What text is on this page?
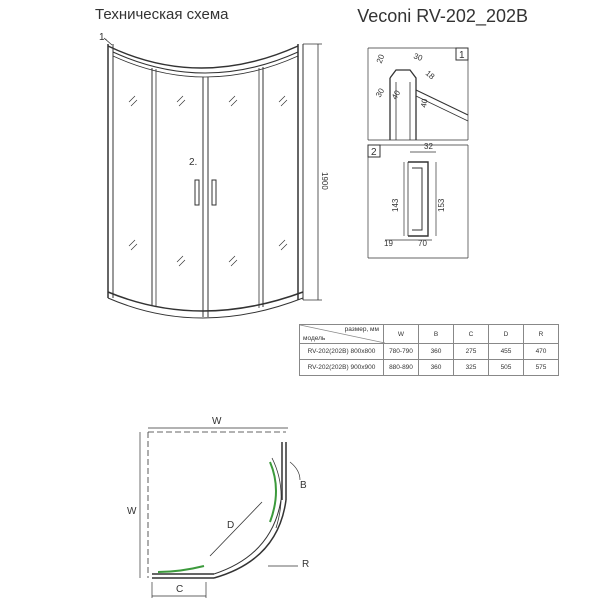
Техническая схема	Veconi RV-202_202B
1.
2.
1900
1
20	30
18
30 40
40
2
32
143	153
19	70
W
W
B
D
R
C
размер, мм
модель	W	B	C	D	R
RV-202(202B) 800x800	780-790	360	275	455	470
RV-202(202B) 900x900	880-890	360	325	505	575
